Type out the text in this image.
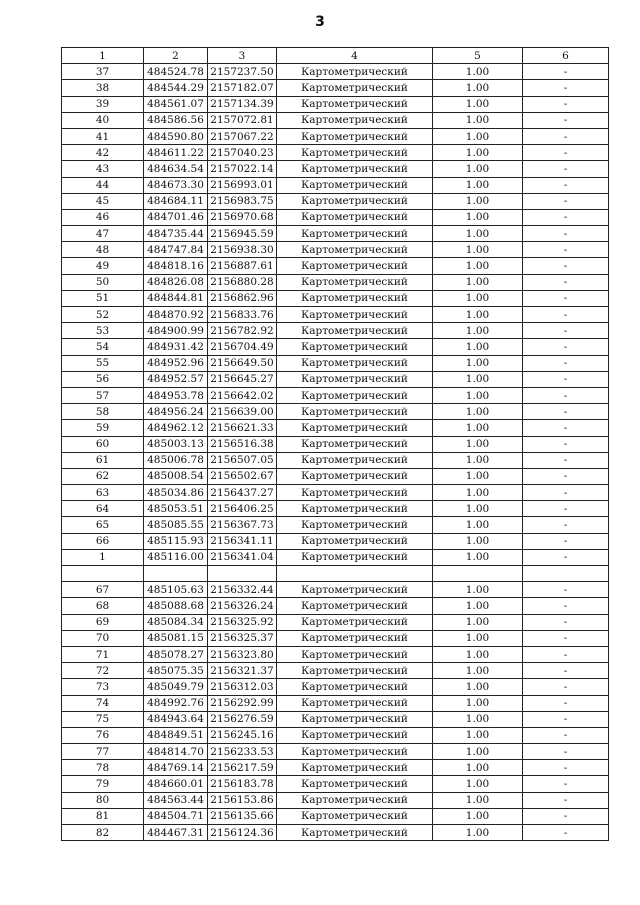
3
1	2	3	4	5	6
37	484524.78	2157237.50	Картометрический	1.00	-
38	484544.29	2157182.07	Картометрический	1.00	-
39	484561.07	2157134.39	Картометрический	1.00	-
40	484586.56	2157072.81	Картометрический	1.00	-
41	484590.80	2157067.22	Картометрический	1.00	-
42	484611.22	2157040.23	Картометрический	1.00	-
43	484634.54	2157022.14	Картометрический	1.00	-
44	484673.30	2156993.01	Картометрический	1.00	-
45	484684.11	2156983.75	Картометрический	1.00	-
46	484701.46	2156970.68	Картометрический	1.00	-
47	484735.44	2156945.59	Картометрический	1.00	-
48	484747.84	2156938.30	Картометрический	1.00	-
49	484818.16	2156887.61	Картометрический	1.00	-
50	484826.08	2156880.28	Картометрический	1.00	-
51	484844.81	2156862.96	Картометрический	1.00	-
52	484870.92	2156833.76	Картометрический	1.00	-
53	484900.99	2156782.92	Картометрический	1.00	-
54	484931.42	2156704.49	Картометрический	1.00	-
55	484952.96	2156649.50	Картометрический	1.00	-
56	484952.57	2156645.27	Картометрический	1.00	-
57	484953.78	2156642.02	Картометрический	1.00	-
58	484956.24	2156639.00	Картометрический	1.00	-
59	484962.12	2156621.33	Картометрический	1.00	-
60	485003.13	2156516.38	Картометрический	1.00	-
61	485006.78	2156507.05	Картометрический	1.00	-
62	485008.54	2156502.67	Картометрический	1.00	-
63	485034.86	2156437.27	Картометрический	1.00	-
64	485053.51	2156406.25	Картометрический	1.00	-
65	485085.55	2156367.73	Картометрический	1.00	-
66	485115.93	2156341.11	Картометрический	1.00	-
1	485116.00	2156341.04	Картометрический	1.00	-

67	485105.63	2156332.44	Картометрический	1.00	-
68	485088.68	2156326.24	Картометрический	1.00	-
69	485084.34	2156325.92	Картометрический	1.00	-
70	485081.15	2156325.37	Картометрический	1.00	-
71	485078.27	2156323.80	Картометрический	1.00	-
72	485075.35	2156321.37	Картометрический	1.00	-
73	485049.79	2156312.03	Картометрический	1.00	-
74	484992.76	2156292.99	Картометрический	1.00	-
75	484943.64	2156276.59	Картометрический	1.00	-
76	484849.51	2156245.16	Картометрический	1.00	-
77	484814.70	2156233.53	Картометрический	1.00	-
78	484769.14	2156217.59	Картометрический	1.00	-
79	484660.01	2156183.78	Картометрический	1.00	-
80	484563.44	2156153.86	Картометрический	1.00	-
81	484504.71	2156135.66	Картометрический	1.00	-
82	484467.31	2156124.36	Картометрический	1.00	-
